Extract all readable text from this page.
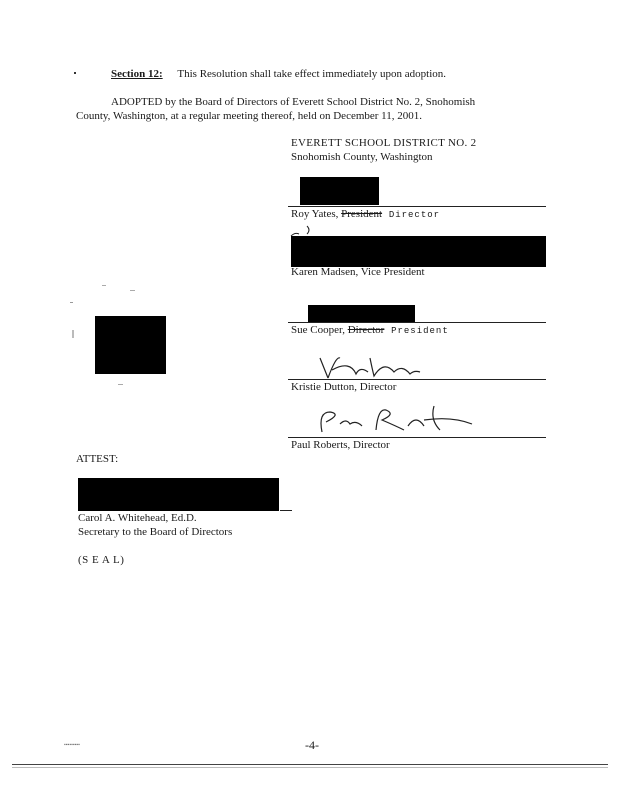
Section 12: This Resolution shall take effect immediately upon adoption.
ADOPTED by the Board of Directors of Everett School District No. 2, Snohomish
County, Washington, at a regular meeting thereof, held on December 11, 2001.
EVERETT SCHOOL DISTRICT NO. 2
Snohomish County, Washington
Roy Yates, President Director
Karen Madsen, Vice President
Sue Cooper, Director President
Kristie Dutton, Director
Paul Roberts, Director
ATTEST:
Carol A. Whitehead, Ed.D.
Secretary to the Board of Directors
(S E A L)
▪▪▪▪▪▪▪▪▪	-4-
